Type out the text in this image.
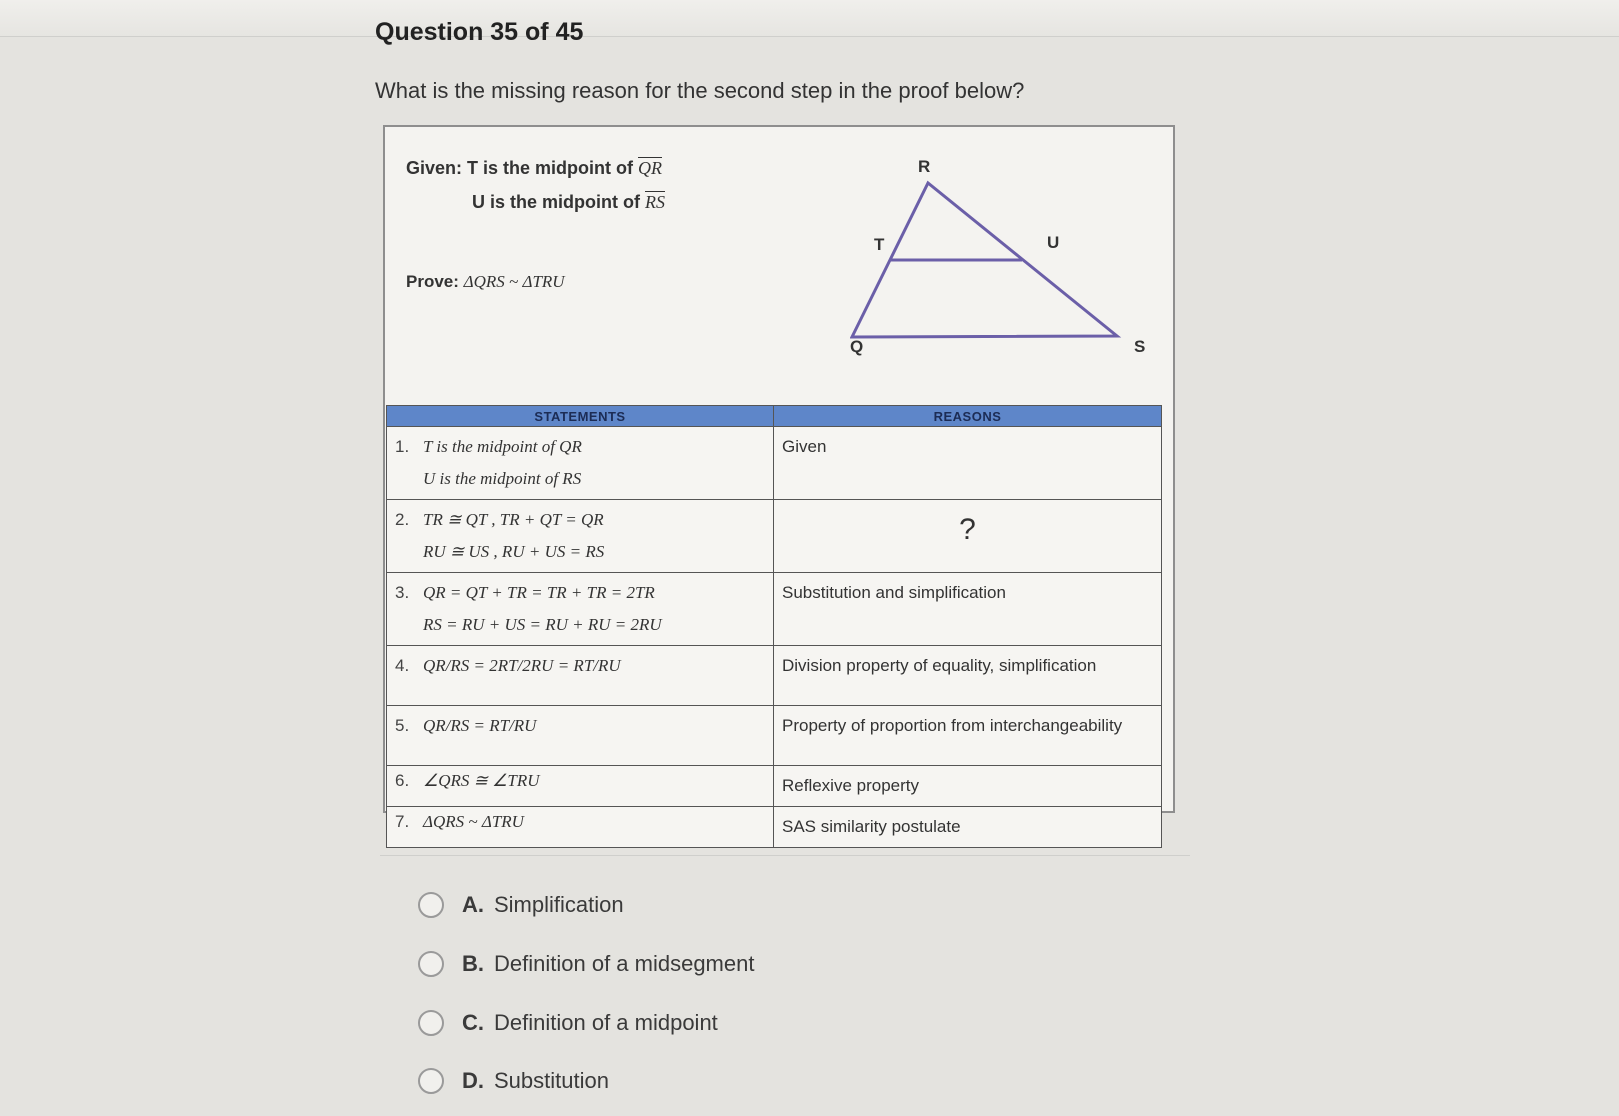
Question 35 of 45
What is the missing reason for the second step in the proof below?
Given: T is the midpoint of $\overline{QR}$
U is the midpoint of $\overline{RS}$
Prove: ΔQRS ~ ΔTRU
R
T	U
Q	S
STATEMENTS	REASONS
1. T is the midpoint of QR
U is the midpoint of RS	Given
2. TR ≅ QT , TR + QT = QR
RU ≅ US , RU + US = RS	?

3. QR = QT + TR = TR + TR = 2TR
RS = RU + US = RU + RU = 2RU	Substitution and simplification
4. QR/RS = 2RT/2RU = RT/RU	Division property of equality, simplification
5. QR/RS = RT/RU	Property of proportion from interchangeability
6. ∠QRS ≅ ∠TRU	Reflexive property
7. ΔQRS ~ ΔTRU	SAS similarity postulate
A. Simplification
B. Definition of a midsegment
C. Definition of a midpoint
D. Substitution
